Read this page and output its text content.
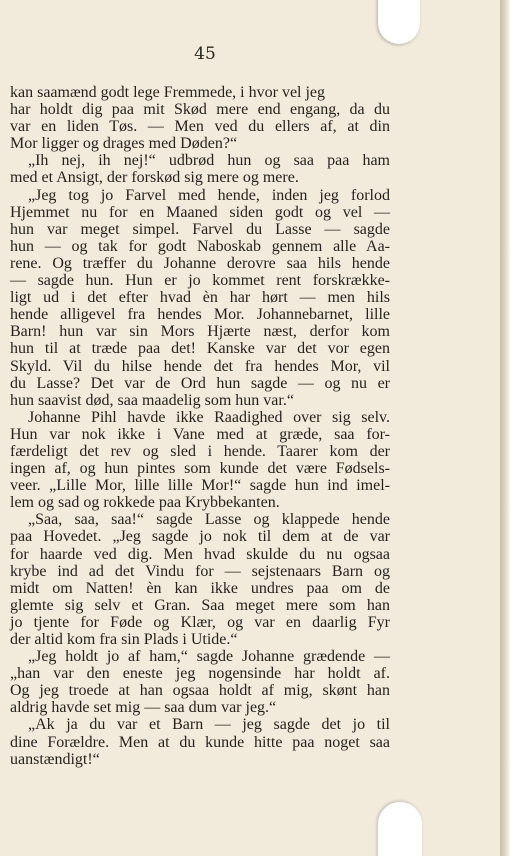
45
kan saamænd godt lege Fremmede, i hvor vel jeg
har holdt dig paa mit Skød mere end engang, da du
var en liden Tøs. — Men ved du ellers af, at din
Mor ligger og drages med Døden?“
„Ih nej, ih nej!“ udbrød hun og saa paa ham
med et Ansigt, der forskød sig mere og mere.
„Jeg tog jo Farvel med hende, inden jeg forlod
Hjemmet nu for en Maaned siden godt og vel —
hun var meget simpel. Farvel du Lasse — sagde
hun — og tak for godt Naboskab gennem alle Aa-
rene. Og træffer du Johanne derovre saa hils hende
— sagde hun. Hun er jo kommet rent forskrække-
ligt ud i det efter hvad èn har hørt — men hils
hende alligevel fra hendes Mor. Johannebarnet, lille
Barn! hun var sin Mors Hjærte næst, derfor kom
hun til at træde paa det! Kanske var det vor egen
Skyld. Vil du hilse hende det fra hendes Mor, vil
du Lasse? Det var de Ord hun sagde — og nu er
hun saavist død, saa maadelig som hun var.“
Johanne Pihl havde ikke Raadighed over sig selv.
Hun var nok ikke i Vane med at græde, saa for-
færdeligt det rev og sled i hende. Taarer kom der
ingen af, og hun pintes som kunde det være Fødsels-
veer. „Lille Mor, lille lille Mor!“ sagde hun ind imel-
lem og sad og rokkede paa Krybbekanten.
„Saa, saa, saa!“ sagde Lasse og klappede hende
paa Hovedet. „Jeg sagde jo nok til dem at de var
for haarde ved dig. Men hvad skulde du nu ogsaa
krybe ind ad det Vindu for — sejstenaars Barn og
midt om Natten! èn kan ikke undres paa om de
glemte sig selv et Gran. Saa meget mere som han
jo tjente for Føde og Klær, og var en daarlig Fyr
der altid kom fra sin Plads i Utide.“
„Jeg holdt jo af ham,“ sagde Johanne grædende —
„han var den eneste jeg nogensinde har holdt af.
Og jeg troede at han ogsaa holdt af mig, skønt han
aldrig havde set mig — saa dum var jeg.“
„Ak ja du var et Barn — jeg sagde det jo til
dine Forældre. Men at du kunde hitte paa noget saa
uanstændigt!“
